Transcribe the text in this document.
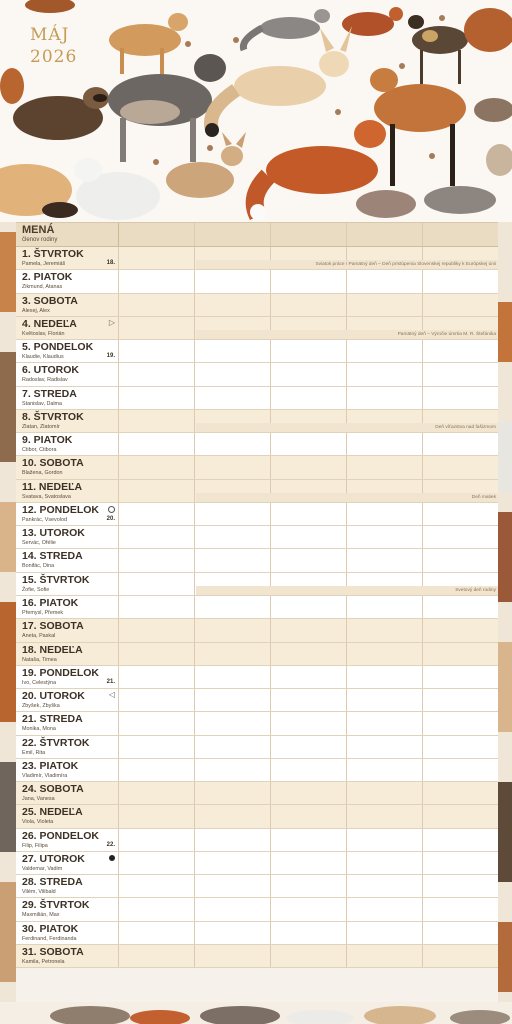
MÁJ
2026
MENÁ
členov rodiny
1. ŠTVRTOK
Pamela, Jeremiáš	18.	Sviatok práce / Pamätný deň – Deň pristúpenia Slovenskej republiky k Európskej únii
2. PIATOK
Zikmund, Atanas
3. SOBOTA
Alexej, Alex
4. NEDEĽA
Květoslav, Florián
▷
Pamätný deň – Výročie úmrtia M. R. Štefánika
5. PONDELOK
Klaudie, Klaudius	19.
6. UTOROK
Radoslav, Radislav
7. STREDA
Stanislav, Dalma
8. ŠTVRTOK
Zlatan, Zlatomír	Deň víťazstva nad fašizmom
9. PIATOK
Ctibor, Ctibora
10. SOBOTA
Blažena, Gordon
11. NEDEĽA
Svatava, Svatoslava	Deň matiek
12. PONDELOK
Pankrác, Vsevolod	20.
13. UTOROK
Servác, Ofélie
14. STREDA
Bonifác, Dina
15. ŠTVRTOK
Žofie, Sofie	Svetový deň rodiny
16. PIATOK
Přemysl, Přemek
17. SOBOTA
Aneta, Paskal
18. NEDEĽA
Nataša, Timea
19. PONDELOK
Ivo, Celestýna	21.
20. UTOROK
Zbyšek, Zbyška
◁
21. STREDA
Monika, Mona
22. ŠTVRTOK
Emil, Rita
23. PIATOK
Vladimír, Vladimíra
24. SOBOTA
Jana, Vanesa
25. NEDEĽA
Viola, Violeta
26. PONDELOK
Filip, Filipa	22.
27. UTOROK
Valdemar, Vadim
28. STREDA
Vilém, Vilibald
29. ŠTVRTOK
Maxmilián, Max
30. PIATOK
Ferdinand, Ferdinanda
31. SOBOTA
Kamila, Petronela
